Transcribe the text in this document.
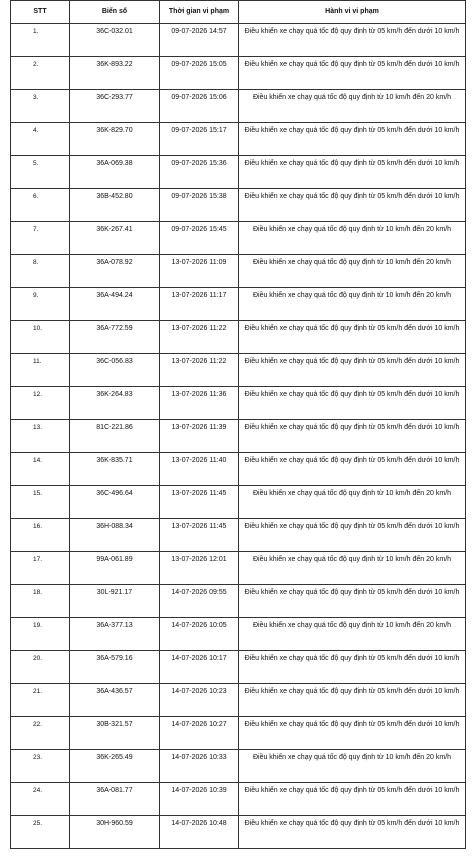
STT	Biển số	Thời gian vi phạm	Hành vi vi phạm
1.	36C-032.01	09-07-2026 14:57	Điều khiển xe chạy quá tốc độ quy định từ 05 km/h đến dưới 10 km/h
2.	36K-893.22	09-07-2026 15:05	Điều khiển xe chạy quá tốc độ quy định từ 05 km/h đến dưới 10 km/h
3.	36C-293.77	09-07-2026 15:06	Điều khiển xe chạy quá tốc độ quy định từ 10 km/h đến 20 km/h
4.	36K-829.70	09-07-2026 15:17	Điều khiển xe chạy quá tốc độ quy định từ 05 km/h đến dưới 10 km/h
5.	36A-069.38	09-07-2026 15:36	Điều khiển xe chạy quá tốc độ quy định từ 05 km/h đến dưới 10 km/h
6.	36B-452.80	09-07-2026 15:38	Điều khiển xe chạy quá tốc độ quy định từ 05 km/h đến dưới 10 km/h
7.	36K-267.41	09-07-2026 15:45	Điều khiển xe chạy quá tốc độ quy định từ 10 km/h đến 20 km/h
8.	36A-078.92	13-07-2026 11:09	Điều khiển xe chạy quá tốc độ quy định từ 10 km/h đến 20 km/h
9.	36A-494.24	13-07-2026 11:17	Điều khiển xe chạy quá tốc độ quy định từ 10 km/h đến 20 km/h
10.	36A-772.59	13-07-2026 11:22	Điều khiển xe chạy quá tốc độ quy định từ 05 km/h đến dưới 10 km/h
11.	36C-056.83	13-07-2026 11:22	Điều khiển xe chạy quá tốc độ quy định từ 05 km/h đến dưới 10 km/h
12.	36K-264.83	13-07-2026 11:36	Điều khiển xe chạy quá tốc độ quy định từ 05 km/h đến dưới 10 km/h
13.	81C-221.86	13-07-2026 11:39	Điều khiển xe chạy quá tốc độ quy định từ 05 km/h đến dưới 10 km/h
14.	36K-835.71	13-07-2026 11:40	Điều khiển xe chạy quá tốc độ quy định từ 05 km/h đến dưới 10 km/h
15.	36C-496.64	13-07-2026 11:45	Điều khiển xe chạy quá tốc độ quy định từ 10 km/h đến 20 km/h
16.	36H-088.34	13-07-2026 11:45	Điều khiển xe chạy quá tốc độ quy định từ 05 km/h đến dưới 10 km/h
17.	99A-061.89	13-07-2026 12:01	Điều khiển xe chạy quá tốc độ quy định từ 10 km/h đến 20 km/h
18.	30L-921.17	14-07-2026 09:55	Điều khiển xe chạy quá tốc độ quy định từ 05 km/h đến dưới 10 km/h
19.	36A-377.13	14-07-2026 10:05	Điều khiển xe chạy quá tốc độ quy định từ 10 km/h đến 20 km/h
20.	36A-579.16	14-07-2026 10:17	Điều khiển xe chạy quá tốc độ quy định từ 05 km/h đến dưới 10 km/h
21.	36A-436.57	14-07-2026 10:23	Điều khiển xe chạy quá tốc độ quy định từ 05 km/h đến dưới 10 km/h
22.	30B-321.57	14-07-2026 10:27	Điều khiển xe chạy quá tốc độ quy định từ 05 km/h đến dưới 10 km/h
23.	36K-265.49	14-07-2026 10:33	Điều khiển xe chạy quá tốc độ quy định từ 10 km/h đến 20 km/h
24.	36A-081.77	14-07-2026 10:39	Điều khiển xe chạy quá tốc độ quy định từ 05 km/h đến dưới 10 km/h
25.	30H-960.59	14-07-2026 10:48	Điều khiển xe chạy quá tốc độ quy định từ 05 km/h đến dưới 10 km/h
